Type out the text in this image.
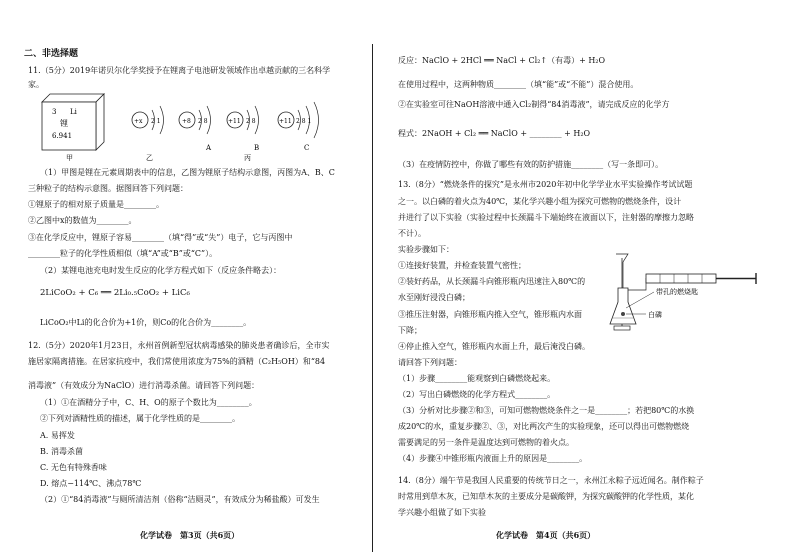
二、非选择题
11.（5分）2019年诺贝尔化学奖授予在锂离子电池研发领域作出卓越贡献的三名科学
家。
3 Li
锂
6.941
+x 2 1	+8 2 8	+11 2 8	+11 2 8 1
A	B	C
甲	乙	丙
（1）甲图是锂在元素周期表中的信息，乙图为锂原子结构示意图，丙图为A、B、C
三种粒子的结构示意图。据图回答下列问题：
①锂原子的相对原子质量是________。
②乙图中x的数值为________。
③在化学反应中，锂原子容易________（填“得”或“失”）电子，它与丙图中
________粒子的化学性质相似（填“A”或“B”或“C”）。
（2）某锂电池充电时发生反应的化学方程式如下（反应条件略去）：
2LiCoO₂ + C₆ ══ 2Li₀.₅CoO₂ + LiC₆
LiCoO₂中Li的化合价为+1价，则Co的化合价为________。
12.（5分）2020年1月23日，永州首例新型冠状病毒感染的肺炎患者确诊后，全市实
施居家隔离措施。在居家抗疫中，我们常使用浓度为75%的酒精（C₂H₅OH）和“84
消毒液”（有效成分为NaClO）进行消毒杀菌。请回答下列问题：
（1）①在酒精分子中，C、H、O的原子个数比为________。
②下列对酒精性质的描述，属于化学性质的是________。
A. 易挥发
B. 消毒杀菌
C. 无色有特殊香味
D. 熔点−114℃、沸点78℃
（2）①“84消毒液”与厕所清洁剂（俗称“洁厕灵”，有效成分为稀盐酸）可发生
化学试卷　第3页（共6页）
反应：NaClO + 2HCl ══ NaCl + Cl₂↑（有毒）+ H₂O
在使用过程中，这两种物质________（填“能”或“不能”）混合使用。
②在实验室可往NaOH溶液中通入Cl₂制得“84消毒液”，请完成反应的化学方
程式：2NaOH + Cl₂ ══ NaClO + ________ + H₂O
（3）在疫情防控中，你做了哪些有效的防护措施________（写一条即可）。
13.（8分）“燃烧条件的探究”是永州市2020年初中化学学业水平实验操作考试试题
之一。以白磷的着火点为40℃，某化学兴趣小组为探究可燃物的燃烧条件，设计
并进行了以下实验（实验过程中长颈漏斗下端始终在液面以下，注射器的摩擦力忽略
不计）。
实验步骤如下：
①连接好装置，并检查装置气密性；
②装好药品，从长颈漏斗向锥形瓶内迅速注入80℃的
水至刚好浸没白磷；
③推压注射器，向锥形瓶内推入空气，锥形瓶内水面
下降；
④停止推入空气，锥形瓶内水面上升，最后淹没白磷。
带孔的燃烧匙
白磷
请回答下列问题：
（1）步骤________能观察到白磷燃烧起来。
（2）写出白磷燃烧的化学方程式________。
（3）分析对比步骤②和③，可知可燃物燃烧条件之一是________；若把80℃的水换
成20℃的水，重复步骤②、③，对比两次产生的实验现象，还可以得出可燃物燃烧
需要满足的另一条件是温度达到可燃物的着火点。
（4）步骤④中锥形瓶内液面上升的原因是________。
14.（8分）端午节是我国人民重要的传统节日之一，永州江永粽子远近闻名。制作粽子
时常用到草木灰，已知草木灰的主要成分是碳酸钾，为探究碳酸钾的化学性质，某化
学兴趣小组做了如下实验
化学试卷　第4页（共6页）
